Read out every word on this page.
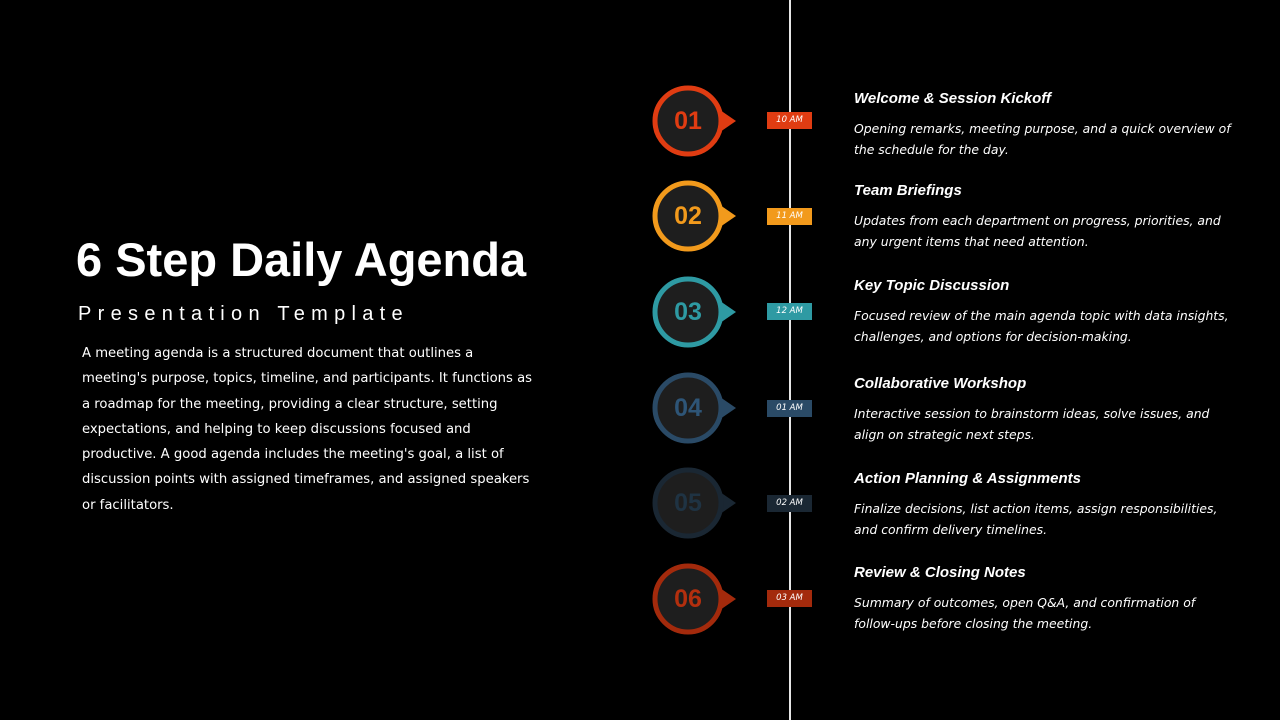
6 Step Daily Agenda
Presentation Template

A meeting agenda is a structured document that outlines a meeting's purpose, topics, timeline, and participants. It functions as a roadmap for the meeting, providing a clear structure, setting expectations, and helping to keep discussions focused and productive. A good agenda includes the meeting's goal, a list of discussion points with assigned timeframes, and assigned speakers or facilitators.

01	10 AM
Welcome & Session Kickoff

Opening remarks, meeting purpose, and a quick overview of the schedule for the day.

02	11 AM
Team Briefings

Updates from each department on progress, priorities, and any urgent items that need attention.

03	12 AM
Key Topic Discussion

Focused review of the main agenda topic with data insights, challenges, and options for decision-making.

04	01 AM
Collaborative Workshop

Interactive session to brainstorm ideas, solve issues, and align on strategic next steps.

05	02 AM
Action Planning & Assignments

Finalize decisions, list action items, assign responsibilities, and confirm delivery timelines.

06	03 AM
Review & Closing Notes

Summary of outcomes, open Q&A, and confirmation of follow-ups before closing the meeting.
